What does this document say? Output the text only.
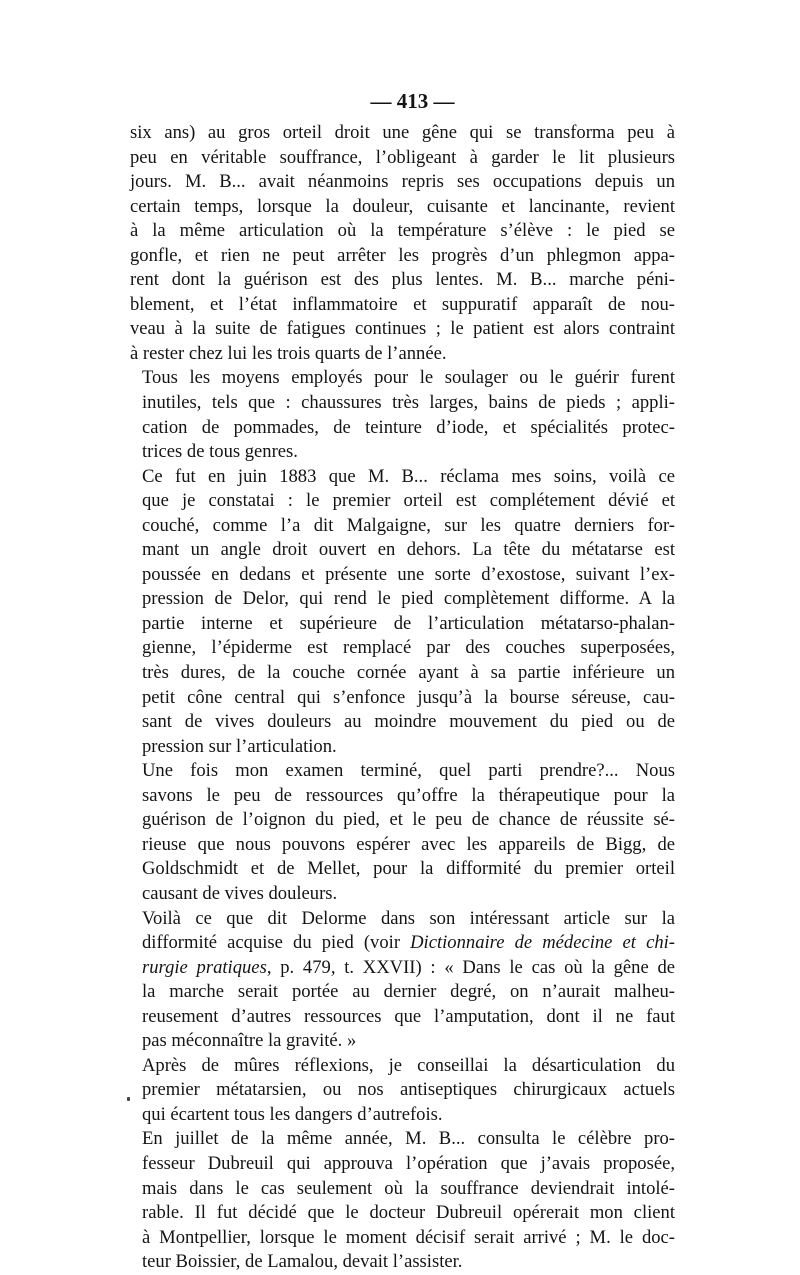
— 413 —

six ans) au gros orteil droit une gêne qui se transforma peu à
peu en véritable souffrance, l’obligeant à garder le lit plusieurs
jours. M. B... avait néanmoins repris ses occupations depuis un
certain temps, lorsque la douleur, cuisante et lancinante, revient
à la même articulation où la température s’élève : le pied se
gonfle, et rien ne peut arrêter les progrès d’un phlegmon appa-
rent dont la guérison est des plus lentes. M. B... marche péni-
blement, et l’état inflammatoire et suppuratif apparaît de nou-
veau à la suite de fatigues continues ; le patient est alors contraint
à rester chez lui les trois quarts de l’année.

Tous les moyens employés pour le soulager ou le guérir furent
inutiles, tels que : chaussures très larges, bains de pieds ; appli-
cation de pommades, de teinture d’iode, et spécialités protec-
trices de tous genres.

Ce fut en juin 1883 que M. B... réclama mes soins, voilà ce
que je constatai : le premier orteil est complétement dévié et
couché, comme l’a dit Malgaigne, sur les quatre derniers for-
mant un angle droit ouvert en dehors. La tête du métatarse est
poussée en dedans et présente une sorte d’exostose, suivant l’ex-
pression de Delor, qui rend le pied complètement difforme. A la
partie interne et supérieure de l’articulation métatarso-phalan-
gienne, l’épiderme est remplacé par des couches superposées,
très dures, de la couche cornée ayant à sa partie inférieure un
petit cône central qui s’enfonce jusqu’à la bourse séreuse, cau-
sant de vives douleurs au moindre mouvement du pied ou de
pression sur l’articulation.

Une fois mon examen terminé, quel parti prendre?... Nous
savons le peu de ressources qu’offre la thérapeutique pour la
guérison de l’oignon du pied, et le peu de chance de réussite sé-
rieuse que nous pouvons espérer avec les appareils de Bigg, de
Goldschmidt et de Mellet, pour la difformité du premier orteil
causant de vives douleurs.

Voilà ce que dit Delorme dans son intéressant article sur la
difformité acquise du pied (voir Dictionnaire de médecine et chi-
rurgie pratiques, p. 479, t. XXVII) : « Dans le cas où la gêne de
la marche serait portée au dernier degré, on n’aurait malheu-
reusement d’autres ressources que l’amputation, dont il ne faut
pas méconnaître la gravité. »

Après de mûres réflexions, je conseillai la désarticulation du
premier métatarsien, ou nos antiseptiques chirurgicaux actuels
qui écartent tous les dangers d’autrefois.

En juillet de la même année, M. B... consulta le célèbre pro-
fesseur Dubreuil qui approuva l’opération que j’avais proposée,
mais dans le cas seulement où la souffrance deviendrait intolé-
rable. Il fut décidé que le docteur Dubreuil opérerait mon client
à Montpellier, lorsque le moment décisif serait arrivé ; M. le doc-
teur Boissier, de Lamalou, devait l’assister.
